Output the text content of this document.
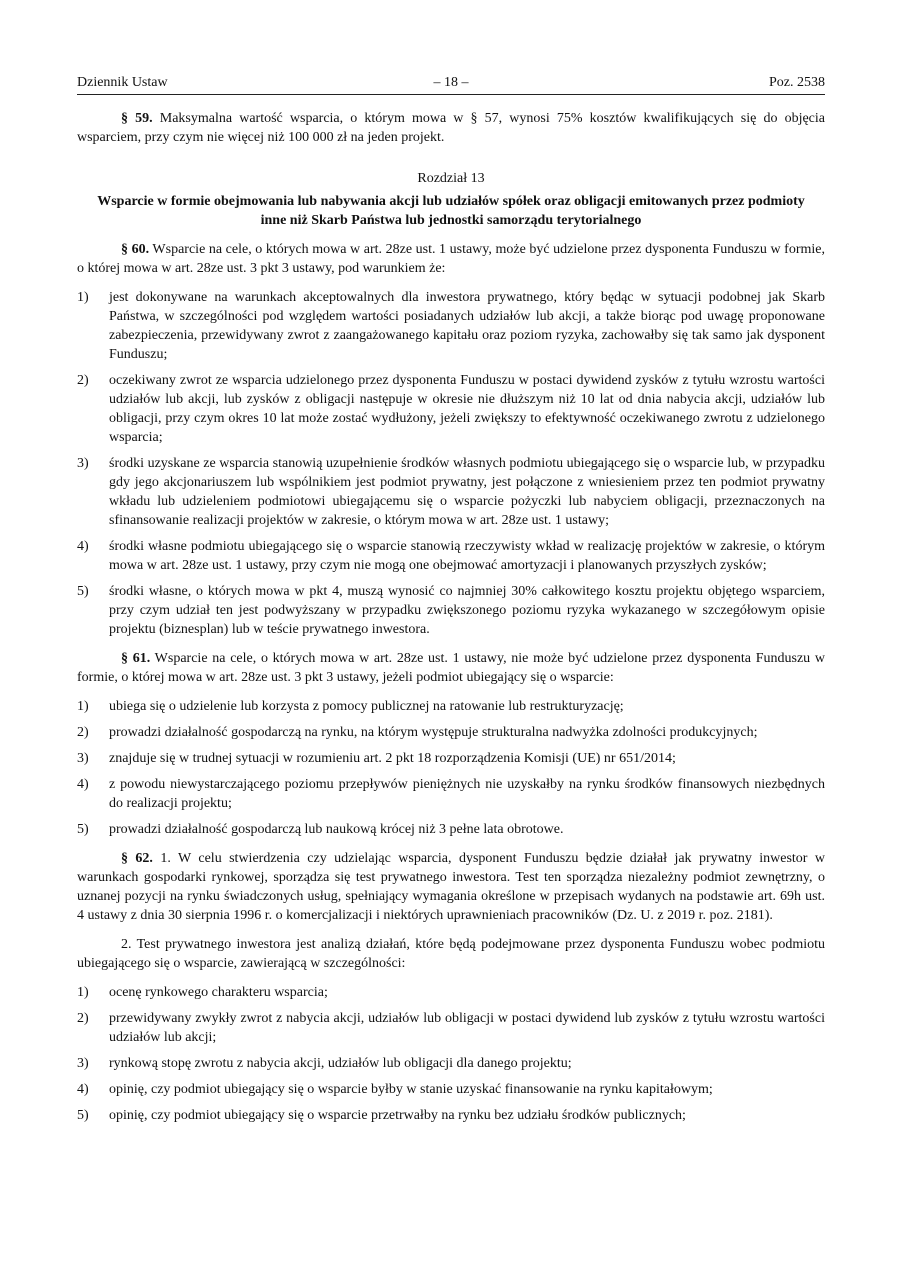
Dziennik Ustaw	– 18 –	Poz. 2538

§ 59. Maksymalna wartość wsparcia, o którym mowa w § 57, wynosi 75% kosztów kwalifikujących się do objęcia wsparciem, przy czym nie więcej niż 100 000 zł na jeden projekt.

Rozdział 13

Wsparcie w formie obejmowania lub nabywania akcji lub udziałów spółek oraz obligacji emitowanych przez podmioty inne niż Skarb Państwa lub jednostki samorządu terytorialnego

§ 60. Wsparcie na cele, o których mowa w art. 28ze ust. 1 ustawy, może być udzielone przez dysponenta Funduszu w formie, o której mowa w art. 28ze ust. 3 pkt 3 ustawy, pod warunkiem że:

1) jest dokonywane na warunkach akceptowalnych dla inwestora prywatnego, który będąc w sytuacji podobnej jak Skarb Państwa, w szczególności pod względem wartości posiadanych udziałów lub akcji, a także biorąc pod uwagę proponowane zabezpieczenia, przewidywany zwrot z zaangażowanego kapitału oraz poziom ryzyka, zachowałby się tak samo jak dysponent Funduszu;
2) oczekiwany zwrot ze wsparcia udzielonego przez dysponenta Funduszu w postaci dywidend zysków z tytułu wzrostu wartości udziałów lub akcji, lub zysków z obligacji następuje w okresie nie dłuższym niż 10 lat od dnia nabycia akcji, udziałów lub obligacji, przy czym okres 10 lat może zostać wydłużony, jeżeli zwiększy to efektywność oczekiwanego zwrotu z udzielonego wsparcia;
3) środki uzyskane ze wsparcia stanowią uzupełnienie środków własnych podmiotu ubiegającego się o wsparcie lub, w przypadku gdy jego akcjonariuszem lub wspólnikiem jest podmiot prywatny, jest połączone z wniesieniem przez ten podmiot prywatny wkładu lub udzieleniem podmiotowi ubiegającemu się o wsparcie pożyczki lub nabyciem obligacji, przeznaczonych na sfinansowanie realizacji projektów w zakresie, o którym mowa w art. 28ze ust. 1 ustawy;
4) środki własne podmiotu ubiegającego się o wsparcie stanowią rzeczywisty wkład w realizację projektów w zakresie, o którym mowa w art. 28ze ust. 1 ustawy, przy czym nie mogą one obejmować amortyzacji i planowanych przyszłych zysków;
5) środki własne, o których mowa w pkt 4, muszą wynosić co najmniej 30% całkowitego kosztu projektu objętego wsparciem, przy czym udział ten jest podwyższany w przypadku zwiększonego poziomu ryzyka wykazanego w szczegółowym opisie projektu (biznesplan) lub w teście prywatnego inwestora.

§ 61. Wsparcie na cele, o których mowa w art. 28ze ust. 1 ustawy, nie może być udzielone przez dysponenta Funduszu w formie, o której mowa w art. 28ze ust. 3 pkt 3 ustawy, jeżeli podmiot ubiegający się o wsparcie:

1) ubiega się o udzielenie lub korzysta z pomocy publicznej na ratowanie lub restrukturyzację;
2) prowadzi działalność gospodarczą na rynku, na którym występuje strukturalna nadwyżka zdolności produkcyjnych;
3) znajduje się w trudnej sytuacji w rozumieniu art. 2 pkt 18 rozporządzenia Komisji (UE) nr 651/2014;
4) z powodu niewystarczającego poziomu przepływów pieniężnych nie uzyskałby na rynku środków finansowych niezbędnych do realizacji projektu;
5) prowadzi działalność gospodarczą lub naukową krócej niż 3 pełne lata obrotowe.

§ 62. 1. W celu stwierdzenia czy udzielając wsparcia, dysponent Funduszu będzie działał jak prywatny inwestor w warunkach gospodarki rynkowej, sporządza się test prywatnego inwestora. Test ten sporządza niezależny podmiot zewnętrzny, o uznanej pozycji na rynku świadczonych usług, spełniający wymagania określone w przepisach wydanych na podstawie art. 69h ust. 4 ustawy z dnia 30 sierpnia 1996 r. o komercjalizacji i niektórych uprawnieniach pracowników (Dz. U. z 2019 r. poz. 2181).

2. Test prywatnego inwestora jest analizą działań, które będą podejmowane przez dysponenta Funduszu wobec podmiotu ubiegającego się o wsparcie, zawierającą w szczególności:

1) ocenę rynkowego charakteru wsparcia;
2) przewidywany zwykły zwrot z nabycia akcji, udziałów lub obligacji w postaci dywidend lub zysków z tytułu wzrostu wartości udziałów lub akcji;
3) rynkową stopę zwrotu z nabycia akcji, udziałów lub obligacji dla danego projektu;
4) opinię, czy podmiot ubiegający się o wsparcie byłby w stanie uzyskać finansowanie na rynku kapitałowym;
5) opinię, czy podmiot ubiegający się o wsparcie przetrwałby na rynku bez udziału środków publicznych;
